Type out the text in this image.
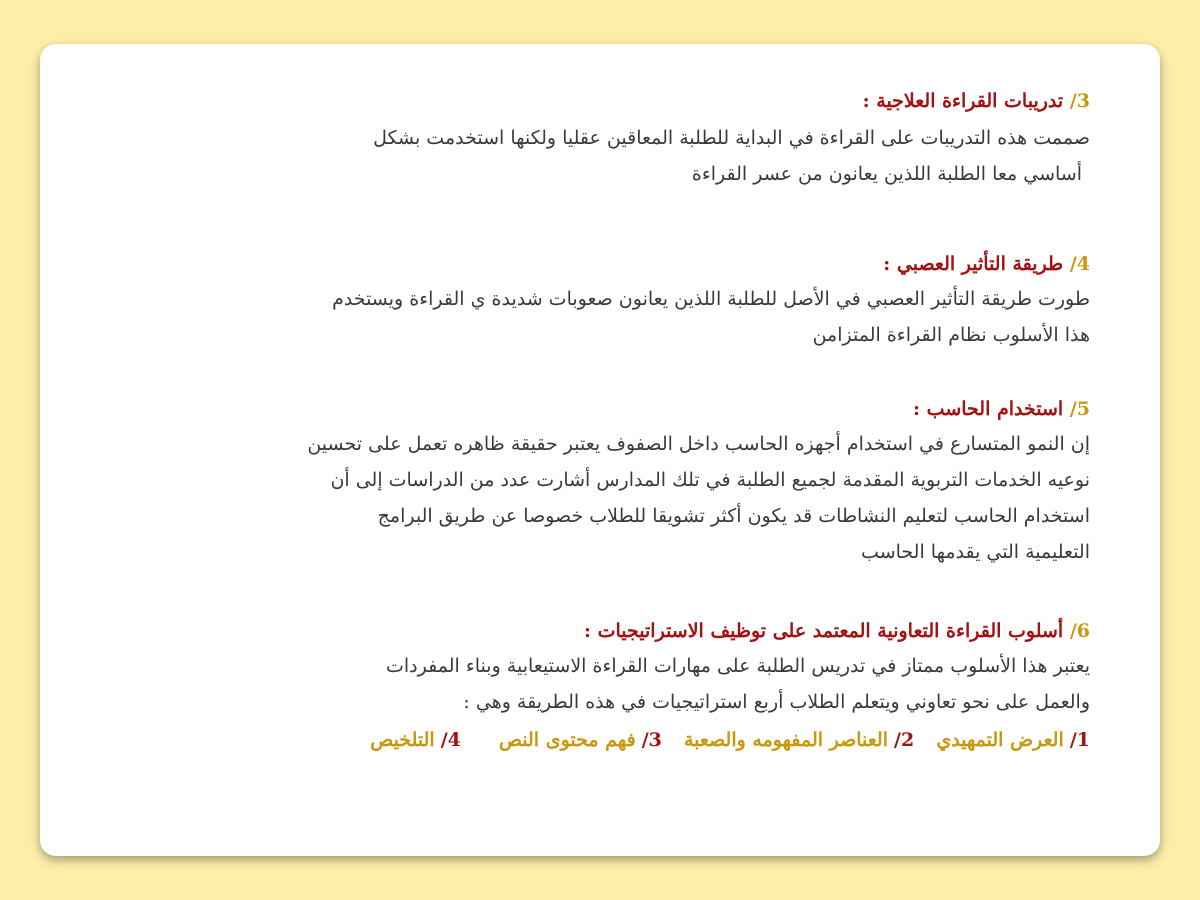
3/ تدريبات القراءة العلاجية :
صممت هذه التدريبات على القراءة في البداية للطلبة المعاقين عقليا ولكنها استخدمت بشكل
أساسي معا الطلبة اللذين يعانون من عسر القراءة
4/ طريقة التأثير العصبي :
طورت طريقة التأثير العصبي في الأصل للطلبة اللذين يعانون صعوبات شديدة ي القراءة ويستخدم
هذا الأسلوب نظام القراءة المتزامن
5/ استخدام الحاسب :
إن النمو المتسارع في استخدام أجهزه الحاسب داخل الصفوف يعتبر حقيقة ظاهره تعمل على تحسين
نوعيه الخدمات التربوية المقدمة لجميع الطلبة في تلك المدارس أشارت عدد من الدراسات إلى أن
استخدام الحاسب لتعليم النشاطات قد يكون أكثر تشويقا للطلاب خصوصا عن طريق البرامج
التعليمية التي يقدمها الحاسب
6/ أسلوب القراءة التعاونية المعتمد على توظيف الاستراتيجيات :
يعتبر هذا الأسلوب ممتاز في تدريس الطلبة على مهارات القراءة الاستيعابية وبناء المفردات
والعمل على نحو تعاوني ويتعلم الطلاب أربع استراتيجيات في هذه الطريقة وهي :
1/ العرض التمهيدي  2/ العناصر المفهومه والصعبة  3/ فهم محتوى النص  4/ التلخيص
